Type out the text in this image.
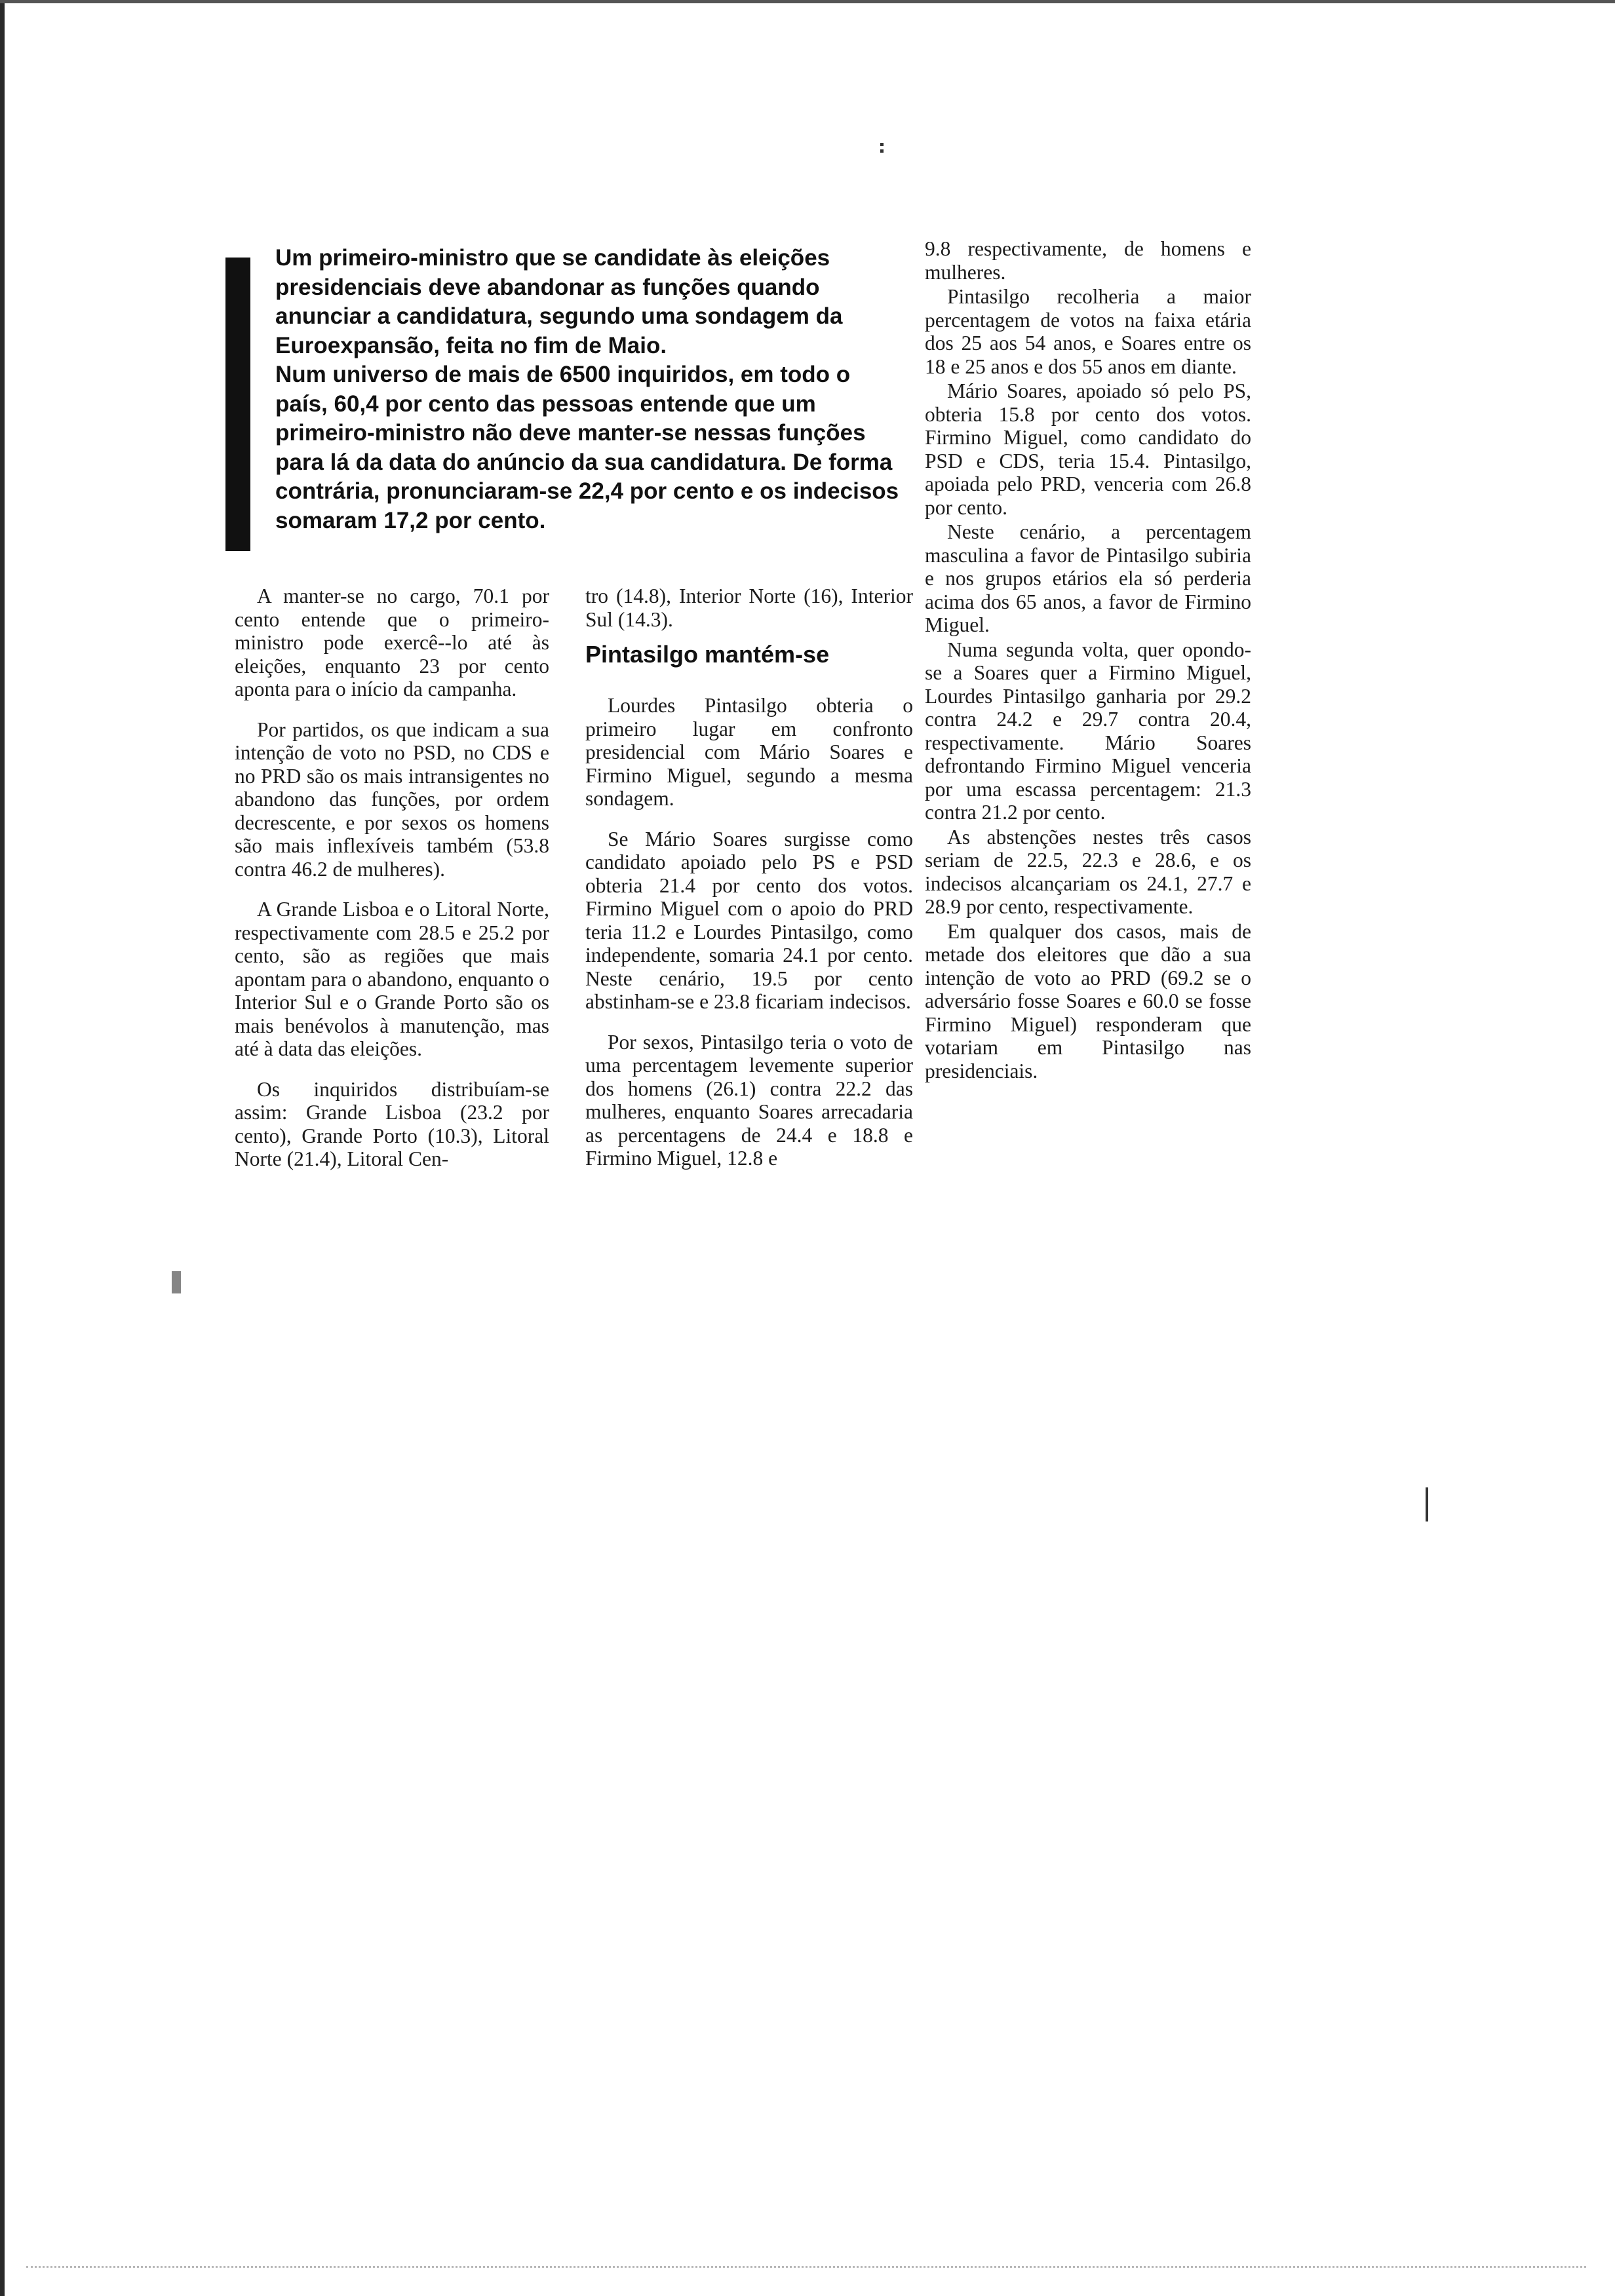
Um primeiro-ministro que se candidate às eleições presidenciais deve abandonar as funções quando anunciar a candidatura, segundo uma sondagem da Euroexpansão, feita no fim de Maio.

Num universo de mais de 6500 inquiridos, em todo o país, 60,4 por cento das pessoas entende que um primeiro-ministro não deve manter-se nessas funções para lá da data do anúncio da sua candidatura. De forma contrária, pronunciaram-se 22,4 por cento e os indecisos somaram 17,2 por cento.

A manter-se no cargo, 70.1 por cento entende que o primeiro-ministro pode exercê--lo até às eleições, enquanto 23 por cento aponta para o início da campanha.

Por partidos, os que indicam a sua intenção de voto no PSD, no CDS e no PRD são os mais intransigentes no abandono das funções, por ordem decrescente, e por sexos os homens são mais inflexíveis também (53.8 contra 46.2 de mulheres).

A Grande Lisboa e o Litoral Norte, respectivamente com 28.5 e 25.2 por cento, são as regiões que mais apontam para o abandono, enquanto o Interior Sul e o Grande Porto são os mais benévolos à manutenção, mas até à data das eleições.

Os inquiridos distribuíam-se assim: Grande Lisboa (23.2 por cento), Grande Porto (10.3), Litoral Norte (21.4), Litoral Cen-

tro (14.8), Interior Norte (16), Interior Sul (14.3).

Pintasilgo mantém-se

Lourdes Pintasilgo obteria o primeiro lugar em confronto presidencial com Mário Soares e Firmino Miguel, segundo a mesma sondagem.

Se Mário Soares surgisse como candidato apoiado pelo PS e PSD obteria 21.4 por cento dos votos. Firmino Miguel com o apoio do PRD teria 11.2 e Lourdes Pintasilgo, como independente, somaria 24.1 por cento. Neste cenário, 19.5 por cento abstinham-se e 23.8 ficariam indecisos.

Por sexos, Pintasilgo teria o voto de uma percentagem levemente superior dos homens (26.1) contra 22.2 das mulheres, enquanto Soares arrecadaria as percentagens de 24.4 e 18.8 e Firmino Miguel, 12.8 e

9.8 respectivamente, de homens e mulheres.

Pintasilgo recolheria a maior percentagem de votos na faixa etária dos 25 aos 54 anos, e Soares entre os 18 e 25 anos e dos 55 anos em diante.

Mário Soares, apoiado só pelo PS, obteria 15.8 por cento dos votos. Firmino Miguel, como candidato do PSD e CDS, teria 15.4. Pintasilgo, apoiada pelo PRD, venceria com 26.8 por cento.

Neste cenário, a percentagem masculina a favor de Pintasilgo subiria e nos grupos etários ela só perderia acima dos 65 anos, a favor de Firmino Miguel.

Numa segunda volta, quer opondo-se a Soares quer a Firmino Miguel, Lourdes Pintasilgo ganharia por 29.2 contra 24.2 e 29.7 contra 20.4, respectivamente. Mário Soares defrontando Firmino Miguel venceria por uma escassa percentagem: 21.3 contra 21.2 por cento.

As abstenções nestes três casos seriam de 22.5, 22.3 e 28.6, e os indecisos alcançariam os 24.1, 27.7 e 28.9 por cento, respectivamente.

Em qualquer dos casos, mais de metade dos eleitores que dão a sua intenção de voto ao PRD (69.2 se o adversário fosse Soares e 60.0 se fosse Firmino Miguel) responderam que votariam em Pintasilgo nas presidenciais.
